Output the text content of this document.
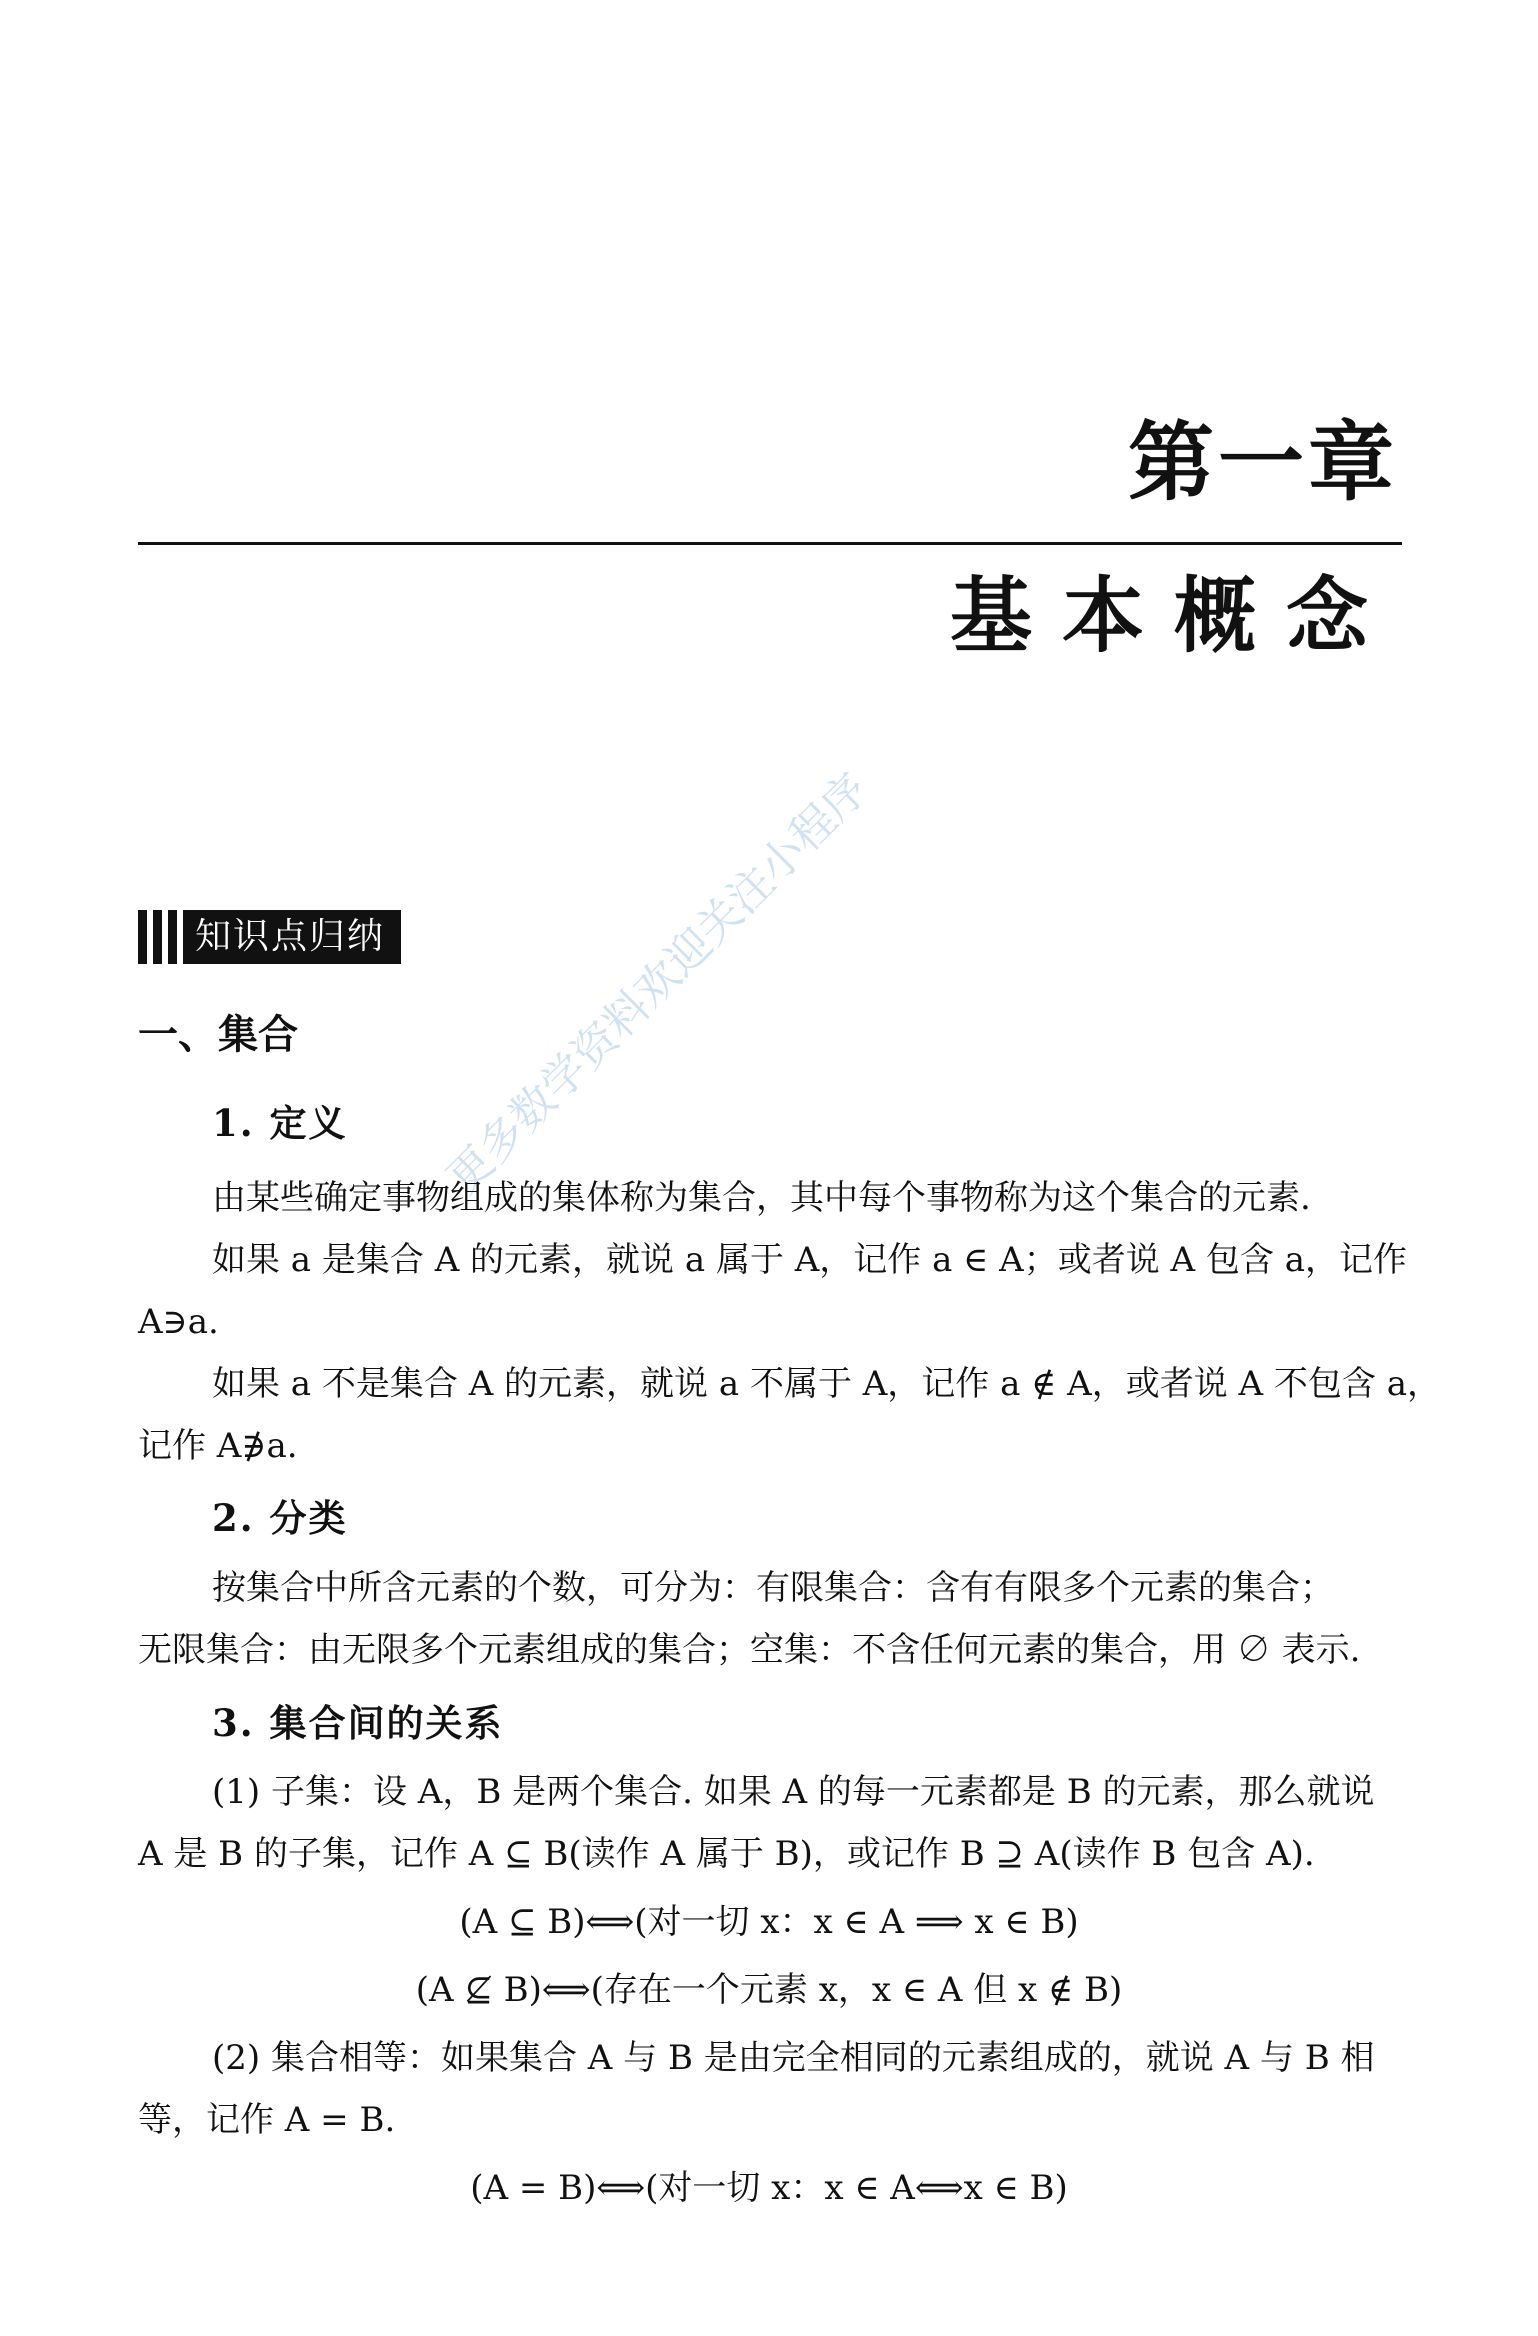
更多数学资料欢迎关注小程序
第一章
基本概念
知识点归纳
一、集合
1. 定义
由某些确定事物组成的集体称为集合，其中每个事物称为这个集合的元素.
如果 a 是集合 A 的元素，就说 a 属于 A，记作 a ∈ A；或者说 A 包含 a，记作
A∋a.
如果 a 不是集合 A 的元素，就说 a 不属于 A，记作 a ∉ A，或者说 A 不包含 a，
记作 A∌a.
2. 分类
按集合中所含元素的个数，可分为：有限集合：含有有限多个元素的集合；
无限集合：由无限多个元素组成的集合；空集：不含任何元素的集合，用 ∅ 表示.
3. 集合间的关系
(1) 子集：设 A，B 是两个集合. 如果 A 的每一元素都是 B 的元素，那么就说
A 是 B 的子集，记作 A ⊆ B(读作 A 属于 B)，或记作 B ⊇ A(读作 B 包含 A).
(A ⊆ B)⟺(对一切 x：x ∈ A ⟹ x ∈ B)
(A ⊈ B)⟺(存在一个元素 x，x ∈ A 但 x ∉ B)
(2) 集合相等：如果集合 A 与 B 是由完全相同的元素组成的，就说 A 与 B 相
等，记作 A = B.
(A = B)⟺(对一切 x：x ∈ A⟺x ∈ B)
